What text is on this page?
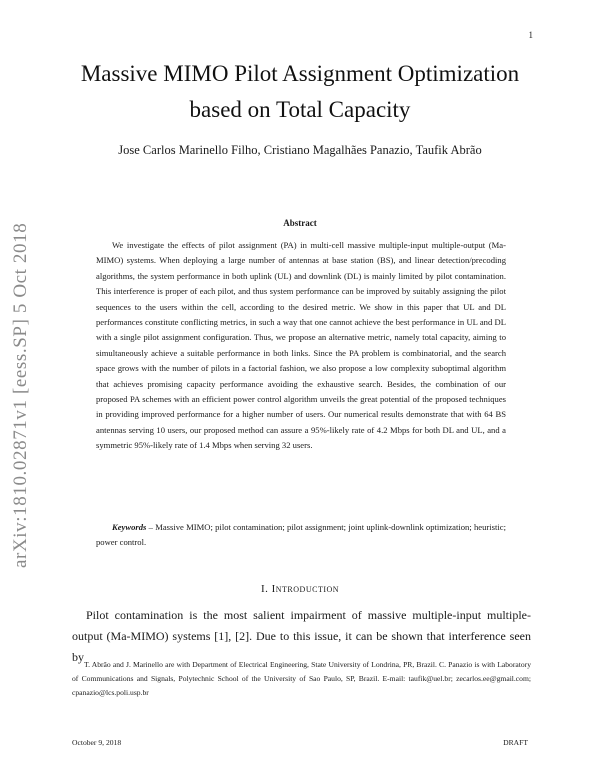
1
arXiv:1810.02871v1 [eess.SP] 5 Oct 2018
Massive MIMO Pilot Assignment Optimization
based on Total Capacity
Jose Carlos Marinello Filho, Cristiano Magalhães Panazio, Taufik Abrão
Abstract
We investigate the effects of pilot assignment (PA) in multi-cell massive multiple-input multiple-output (Ma-MIMO) systems. When deploying a large number of antennas at base station (BS), and linear detection/precoding algorithms, the system performance in both uplink (UL) and downlink (DL) is mainly limited by pilot contamination. This interference is proper of each pilot, and thus system performance can be improved by suitably assigning the pilot sequences to the users within the cell, according to the desired metric. We show in this paper that UL and DL performances constitute conflicting metrics, in such a way that one cannot achieve the best performance in UL and DL with a single pilot assignment configuration. Thus, we propose an alternative metric, namely total capacity, aiming to simultaneously achieve a suitable performance in both links. Since the PA problem is combinatorial, and the search space grows with the number of pilots in a factorial fashion, we also propose a low complexity suboptimal algorithm that achieves promising capacity performance avoiding the exhaustive search. Besides, the combination of our proposed PA schemes with an efficient power control algorithm unveils the great potential of the proposed techniques in providing improved performance for a higher number of users. Our numerical results demonstrate that with 64 BS antennas serving 10 users, our proposed method can assure a 95%-likely rate of 4.2 Mbps for both DL and UL, and a symmetric 95%-likely rate of 1.4 Mbps when serving 32 users.
Keywords – Massive MIMO; pilot contamination; pilot assignment; joint uplink-downlink optimization; heuristic; power control.
I. Introduction
Pilot contamination is the most salient impairment of massive multiple-input multiple-output (Ma-MIMO) systems [1], [2]. Due to this issue, it can be shown that interference seen by
T. Abrão and J. Marinello are with Department of Electrical Engineering, State University of Londrina, PR, Brazil. C. Panazio is with Laboratory of Communications and Signals, Polytechnic School of the University of Sao Paulo, SP, Brazil. E-mail: taufik@uel.br; zecarlos.ee@gmail.com; cpanazio@lcs.poli.usp.br
October 9, 2018	DRAFT
